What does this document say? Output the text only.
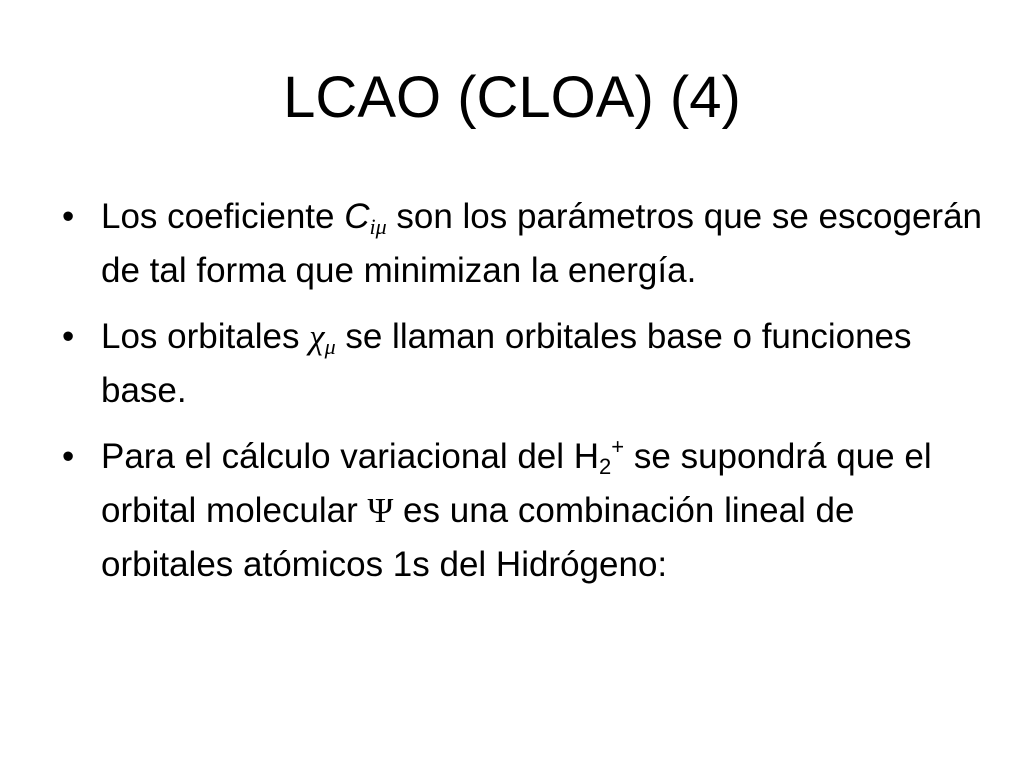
LCAO (CLOA) (4)
• Los coeficiente $C_{i\mu}$ son los parámetros que se escogerán de tal forma que minimizan la energía.
• Los orbitales $\chi_\mu$ se llaman orbitales base o funciones base.
• Para el cálculo variacional del $H_2^+$ se supondrá que el orbital molecular Ψ es una combinación lineal de orbitales atómicos 1s del Hidrógeno:
